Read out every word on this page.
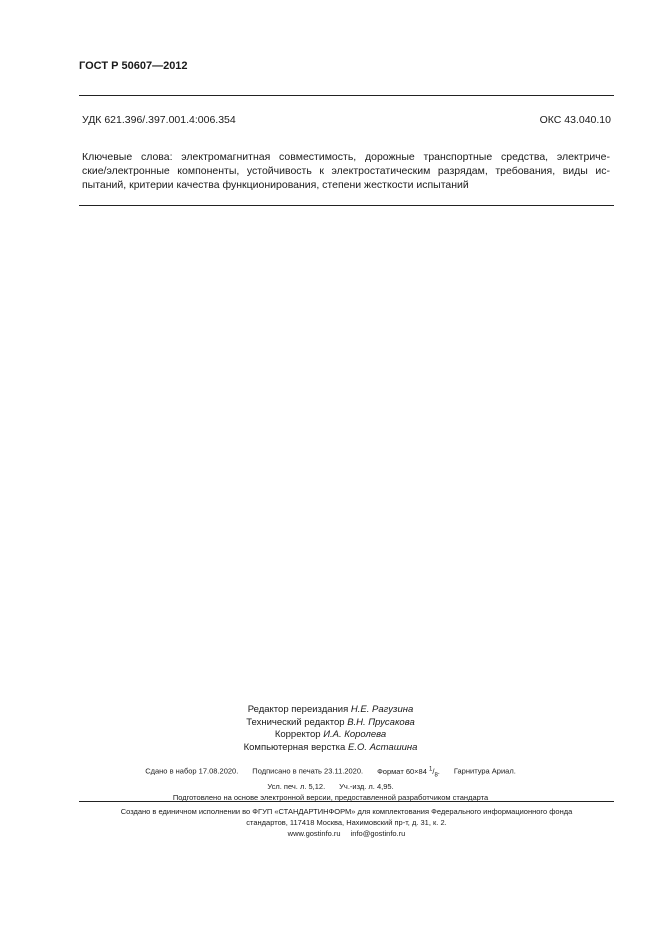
ГОСТ Р 50607—2012
УДК 621.396/.397.001.4:006.354	ОКС 43.040.10
Ключевые слова: электромагнитная совместимость, дорожные транспортные средства, электриче-
ские/электронные компоненты, устойчивость к электростатическим разрядам, требования, виды ис-
пытаний, критерии качества функционирования, степени жесткости испытаний
Редактор переиздания Н.Е. Рагузина
Технический редактор В.Н. Прусакова
Корректор И.А. Королева
Компьютерная верстка Е.О. Асташина
Сдано в набор 17.08.2020. Подписано в печать 23.11.2020. Формат 60×84 $^1/_8$. Гарнитура Ариал.
Усл. печ. л. 5,12. Уч.-изд. л. 4,95.
Подготовлено на основе электронной версии, предоставленной разработчиком стандарта
Создано в единичном исполнении во ФГУП «СТАНДАРТИНФОРМ» для комплектования Федерального информационного фонда
стандартов, 117418 Москва, Нахимовский пр-т, д. 31, к. 2.
www.gostinfo.ru info@gostinfo.ru
